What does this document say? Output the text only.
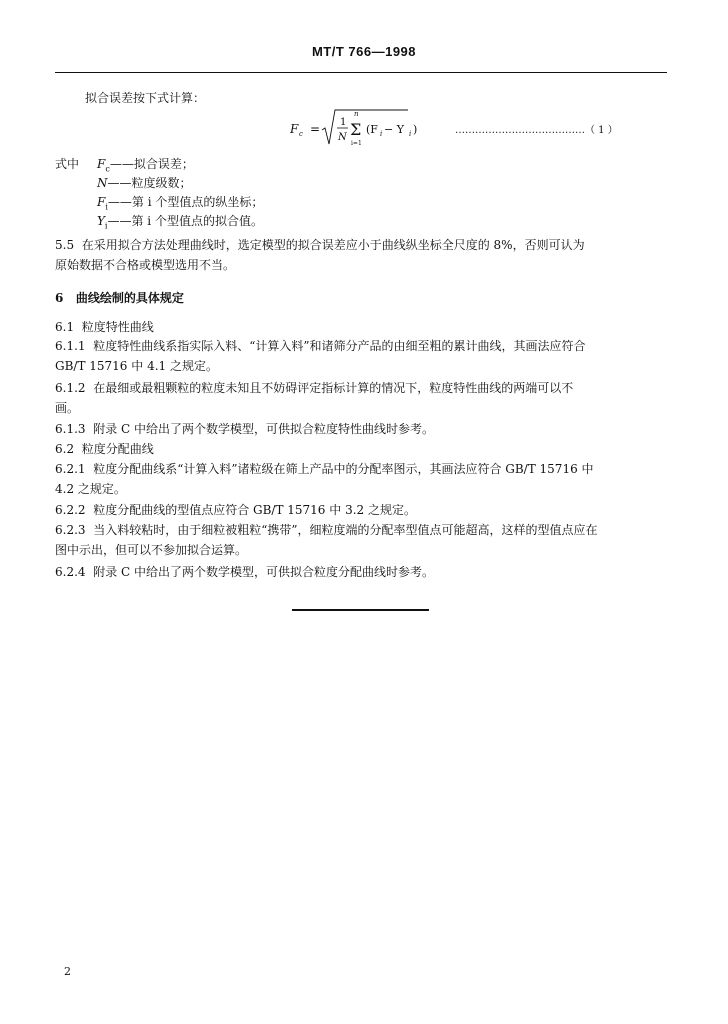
MT/T 766—1998
拟合误差按下式计算：
F c = 1
N
n
Σ
i=1
(F i − Y i )	…………………………………（ 1 ）
式中 $F_c——$拟合误差；
N——粒度级数；
$F_i——$第 i 个型值点的纵坐标；
$Y_i——$第 i 个型值点的拟合值。
5.5 在采用拟合方法处理曲线时，选定模型的拟合误差应小于曲线纵坐标全尺度的 8%，否则可认为
原始数据不合格或模型选用不当。
6 曲线绘制的具体规定
6.1 粒度特性曲线
6.1.1 粒度特性曲线系指实际入料、“计算入料”和诸筛分产品的由细至粗的累计曲线，其画法应符合
GB/T 15716 中 4.1 之规定。
6.1.2 在最细或最粗颗粒的粒度未知且不妨碍评定指标计算的情况下，粒度特性曲线的两端可以不
画。
6.1.3 附录 C 中给出了两个数学模型，可供拟合粒度特性曲线时参考。
6.2 粒度分配曲线
6.2.1 粒度分配曲线系“计算入料”诸粒级在筛上产品中的分配率图示，其画法应符合 GB/T 15716 中
4.2 之规定。
6.2.2 粒度分配曲线的型值点应符合 GB/T 15716 中 3.2 之规定。
6.2.3 当入料较粘时，由于细粒被粗粒“携带”，细粒度端的分配率型值点可能超高，这样的型值点应在
图中示出，但可以不参加拟合运算。
6.2.4 附录 C 中给出了两个数学模型，可供拟合粒度分配曲线时参考。
2
